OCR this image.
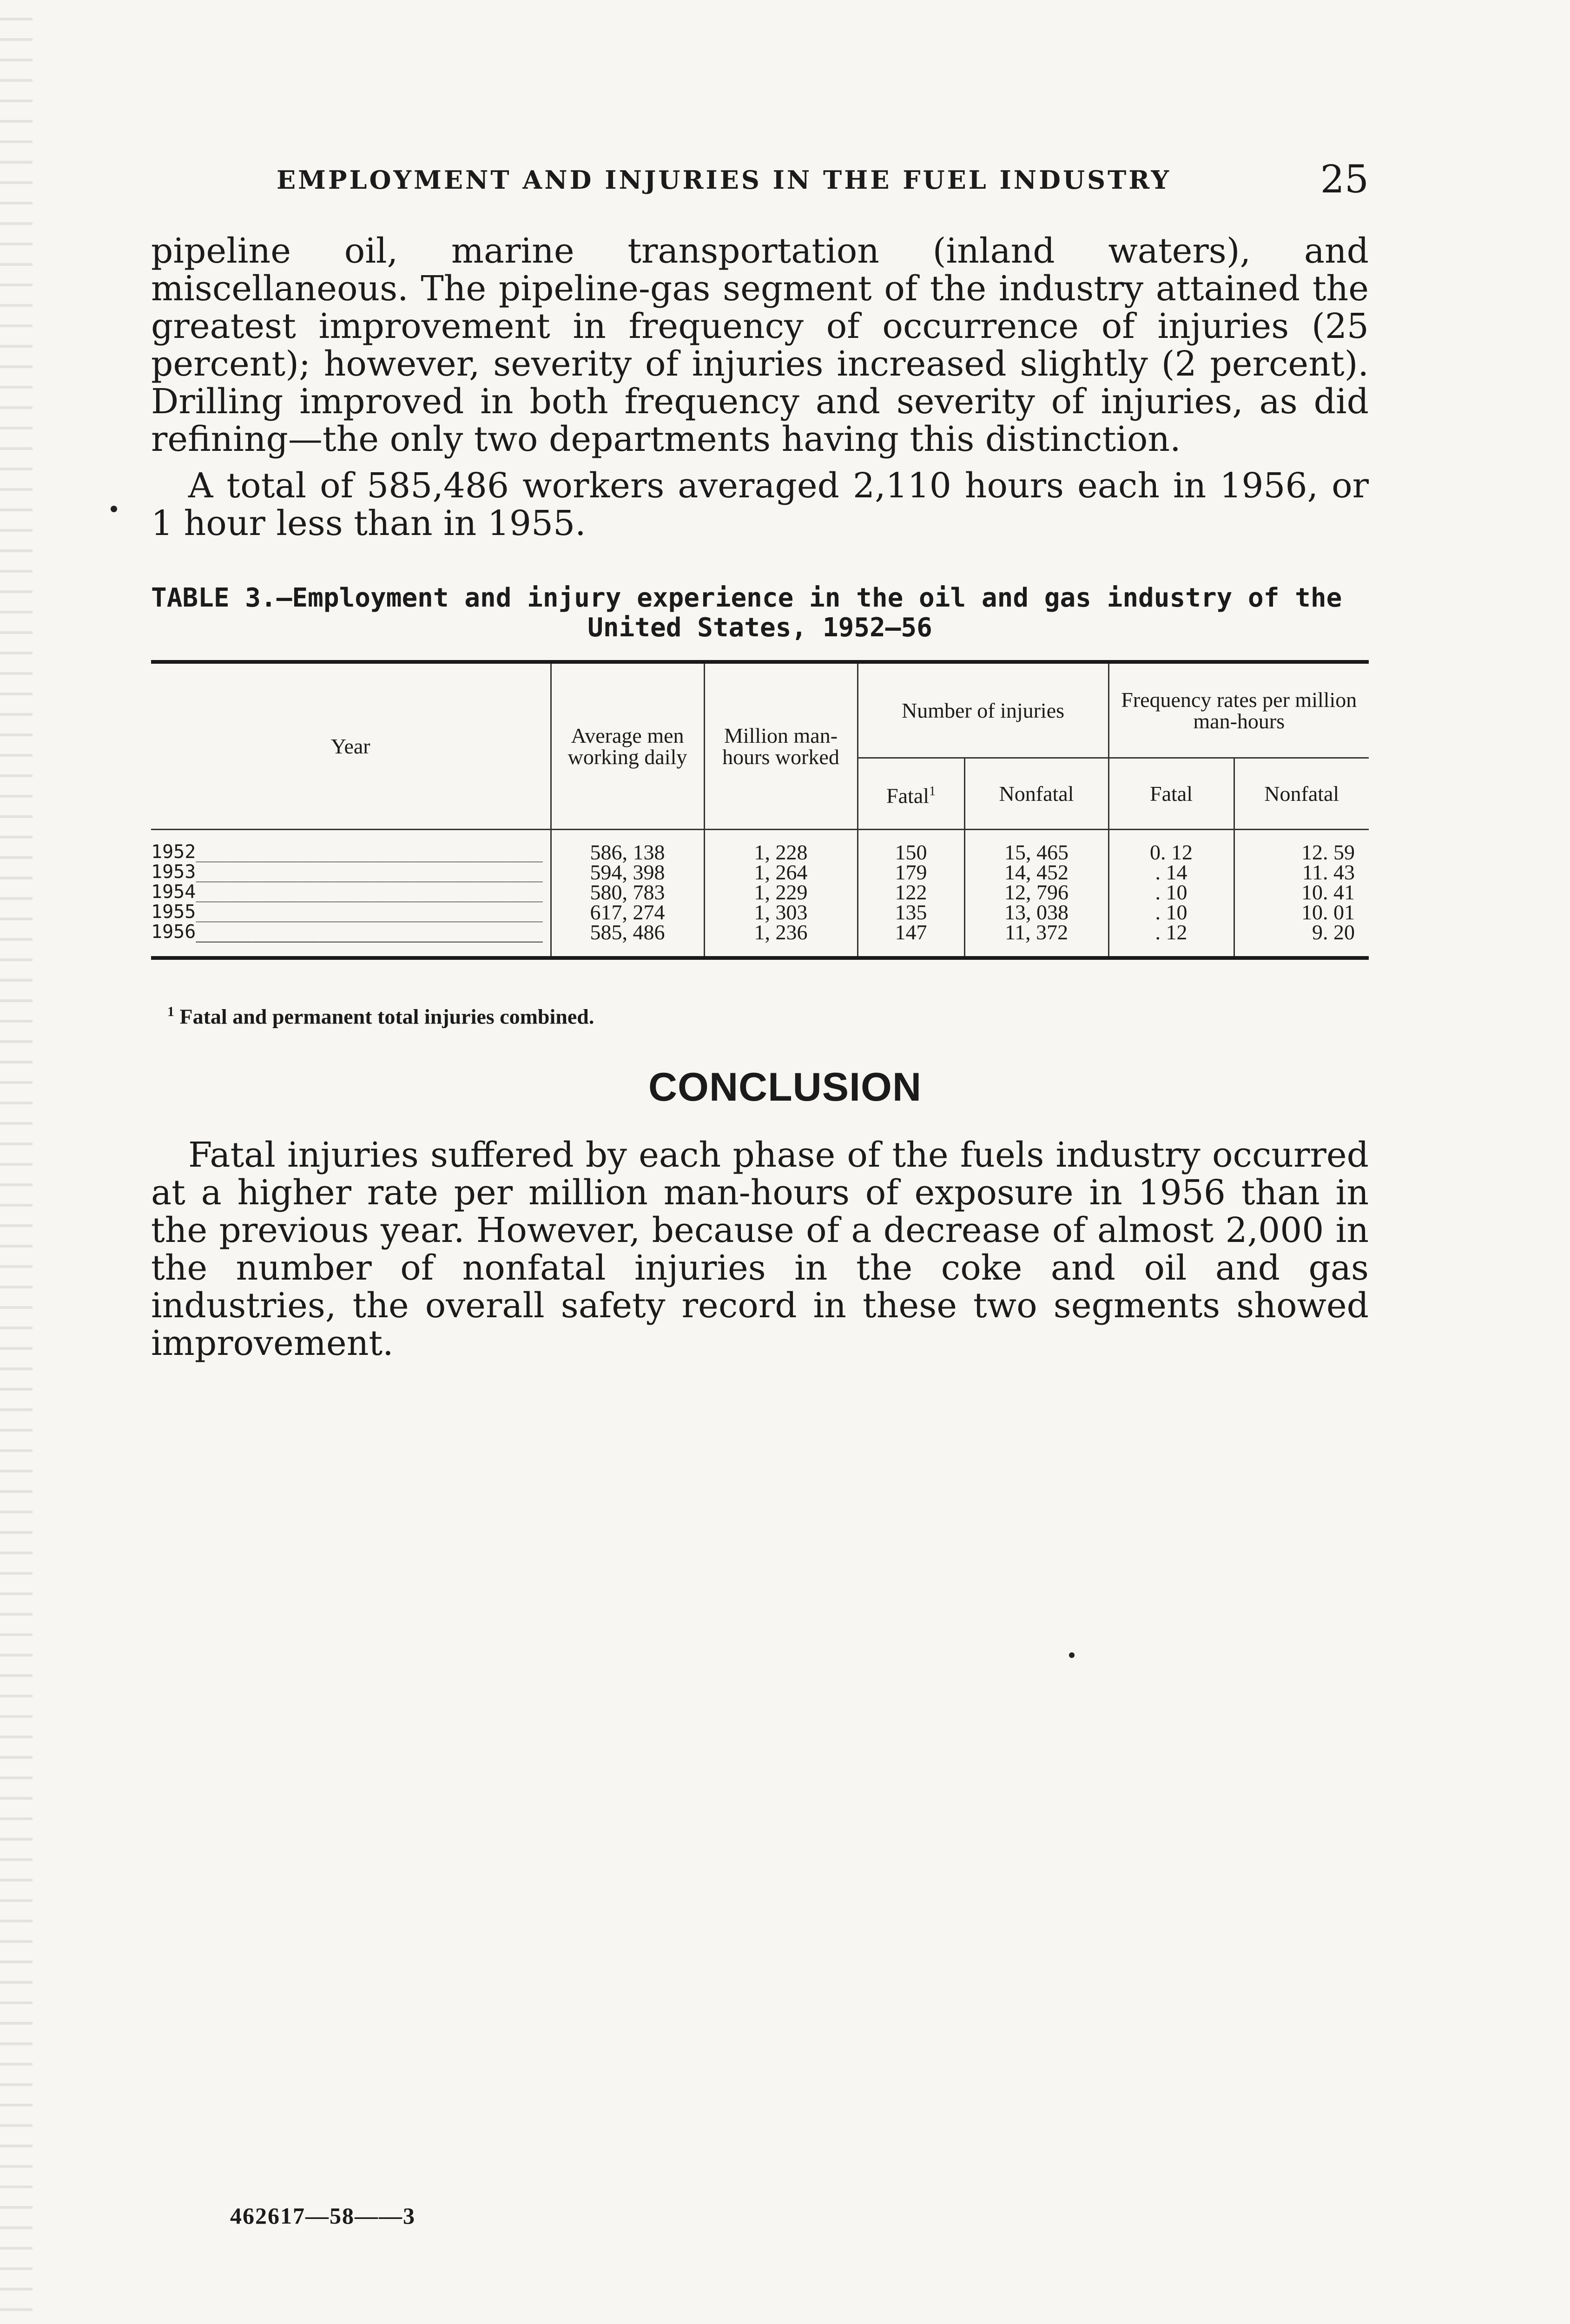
EMPLOYMENT AND INJURIES IN THE FUEL INDUSTRY	25

pipeline oil, marine transportation (inland waters), and miscellaneous. The pipeline-gas segment of the industry attained the greatest improvement in frequency of occurrence of injuries (25 percent); however, severity of injuries increased slightly (2 percent). Drilling improved in both frequency and severity of injuries, as did refining—the only two departments having this distinction.

A total of 585,486 workers averaged 2,110 hours each in 1956, or 1 hour less than in 1955.

TABLE 3.—Employment and injury experience in the oil and gas industry of the
United States, 1952–56
Year	Average men working daily	Million man-hours worked	Number of injuries		Frequency rates per million man-hours	
			Fatal$^1$	Nonfatal	Fatal	Nonfatal
1952_______________________________	586, 138	1, 228	150	15, 465	0. 12	12. 59
1953_______________________________	594, 398	1, 264	179	14, 452	. 14	11. 43
1954_______________________________	580, 783	1, 229	122	12, 796	. 10	10. 41
1955_______________________________	617, 274	1, 303	135	13, 038	. 10	10. 01
1956_______________________________	585, 486	1, 236	147	11, 372	. 12	9. 20
$^1$ Fatal and permanent total injuries combined.
CONCLUSION

Fatal injuries suffered by each phase of the fuels industry occurred at a higher rate per million man-hours of exposure in 1956 than in the previous year. However, because of a decrease of almost 2,000 in the number of nonfatal injuries in the coke and oil and gas industries, the overall safety record in these two segments showed improvement.

462617—58——3
